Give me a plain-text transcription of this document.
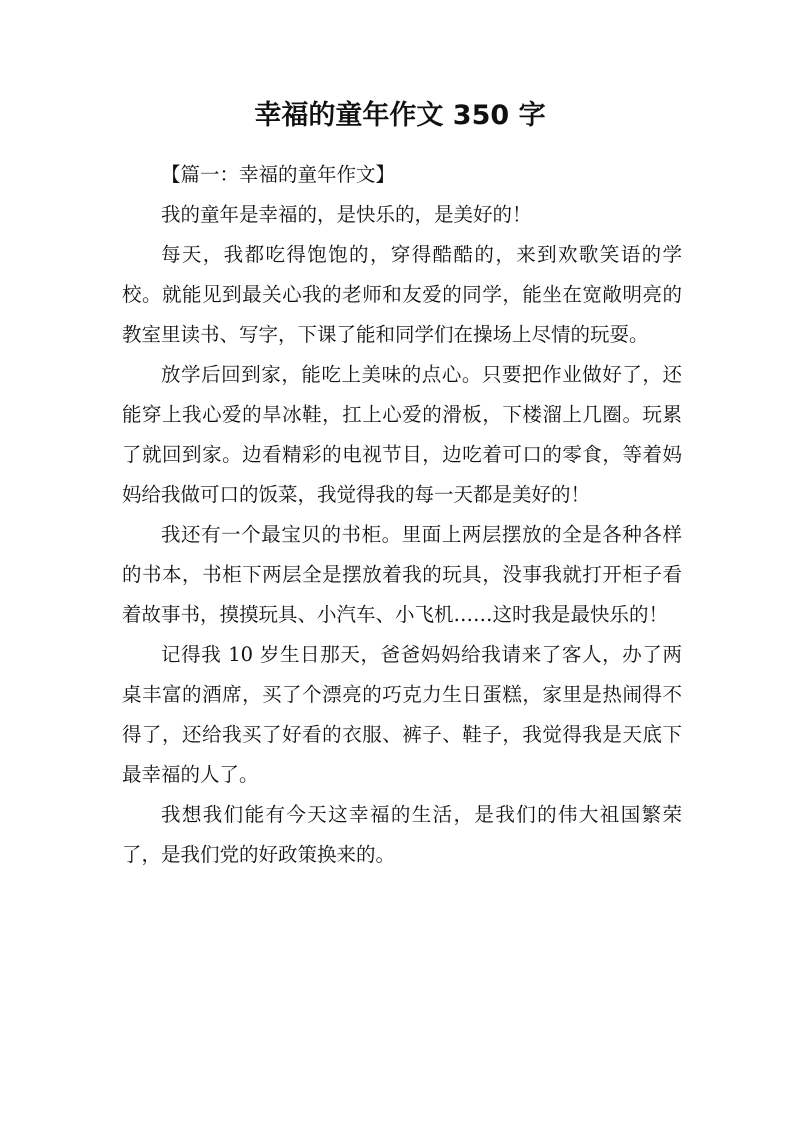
幸福的童年作文 350 字

【篇一：幸福的童年作文】

我的童年是幸福的，是快乐的，是美好的！

每天，我都吃得饱饱的，穿得酷酷的，来到欢歌笑语的学校。就能见到最关心我的老师和友爱的同学，能坐在宽敞明亮的教室里读书、写字，下课了能和同学们在操场上尽情的玩耍。

放学后回到家，能吃上美味的点心。只要把作业做好了，还能穿上我心爱的旱冰鞋，扛上心爱的滑板，下楼溜上几圈。玩累了就回到家。边看精彩的电视节目，边吃着可口的零食，等着妈妈给我做可口的饭菜，我觉得我的每一天都是美好的！

我还有一个最宝贝的书柜。里面上两层摆放的全是各种各样的书本，书柜下两层全是摆放着我的玩具，没事我就打开柜子看着故事书，摸摸玩具、小汽车、小飞机……这时我是最快乐的！

记得我 10 岁生日那天，爸爸妈妈给我请来了客人，办了两桌丰富的酒席，买了个漂亮的巧克力生日蛋糕，家里是热闹得不得了，还给我买了好看的衣服、裤子、鞋子，我觉得我是天底下最幸福的人了。

我想我们能有今天这幸福的生活，是我们的伟大祖国繁荣了，是我们党的好政策换来的。
